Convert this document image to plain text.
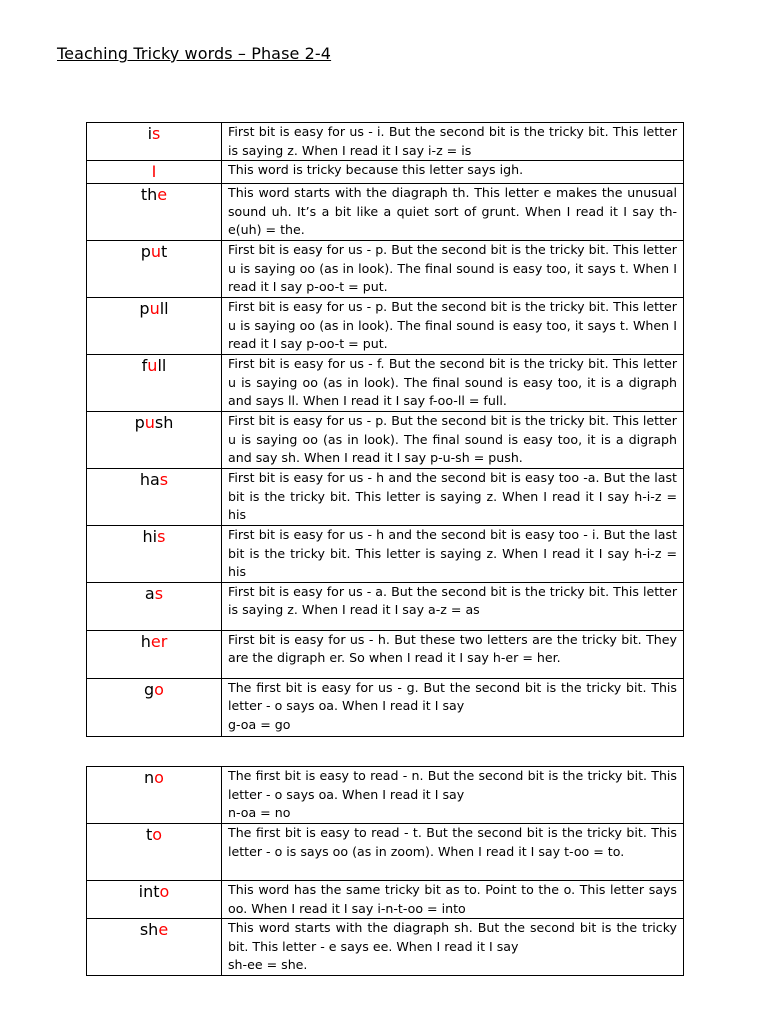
Teaching Tricky words – Phase 2-4
is	First bit is easy for us - i. But the second bit is the tricky bit. This letter is saying z. When I read it I say i-z = is
I	This word is tricky because this letter says igh.
the	This word starts with the diagraph th. This letter e makes the unusual sound uh. It’s a bit like a quiet sort of grunt. When I read it I say th-e(uh) = the.
put	First bit is easy for us - p. But the second bit is the tricky bit. This letter u is saying oo (as in look). The final sound is easy too, it says t. When I read it I say p-oo-t = put.
pull	First bit is easy for us - p. But the second bit is the tricky bit. This letter u is saying oo (as in look). The final sound is easy too, it says t. When I read it I say p-oo-t = put.
full	First bit is easy for us - f. But the second bit is the tricky bit. This letter u is saying oo (as in look). The final sound is easy too, it is a digraph and says ll. When I read it I say f-oo-ll = full.
push	First bit is easy for us - p. But the second bit is the tricky bit. This letter u is saying oo (as in look). The final sound is easy too, it is a digraph and say sh. When I read it I say p-u-sh = push.
has	First bit is easy for us - h and the second bit is easy too -a. But the last bit is the tricky bit. This letter is saying z. When I read it I say h-i-z = his
his	First bit is easy for us - h and the second bit is easy too - i. But the last bit is the tricky bit. This letter is saying z. When I read it I say h-i-z = his
as	First bit is easy for us - a. But the second bit is the tricky bit. This letter is saying z. When I read it I say a-z = as
her	First bit is easy for us - h. But these two letters are the tricky bit. They are the digraph er. So when I read it I say h-er = her.
go	The first bit is easy for us - g. But the second bit is the tricky bit. This letter - o says oa. When I read it I say
g-oa = go
no	The first bit is easy to read - n. But the second bit is the tricky bit. This letter - o says oa. When I read it I say
n-oa = no
to	The first bit is easy to read - t. But the second bit is the tricky bit. This letter - o is says oo (as in zoom). When I read it I say t-oo = to.
into	This word has the same tricky bit as to. Point to the o. This letter says oo. When I read it I say i-n-t-oo = into
she	This word starts with the diagraph sh. But the second bit is the tricky bit. This letter - e says ee. When I read it I say
sh-ee = she.
